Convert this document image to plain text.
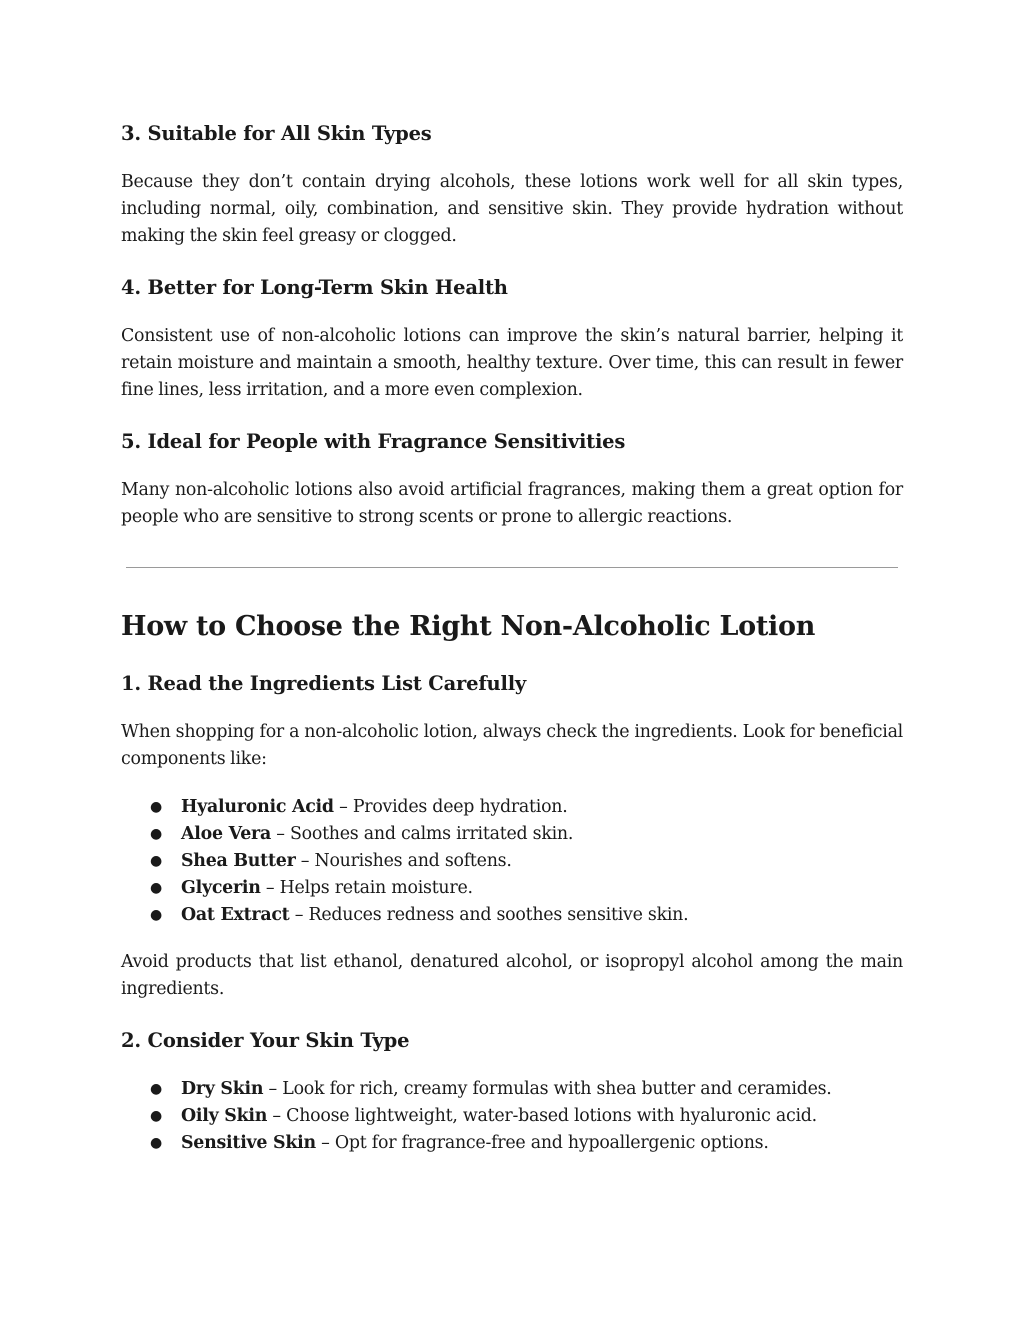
3. Suitable for All Skin Types

Because they don’t contain drying alcohols, these lotions work well for all skin types, including normal, oily, combination, and sensitive skin. They provide hydration without making the skin feel greasy or clogged.

4. Better for Long-Term Skin Health

Consistent use of non-alcoholic lotions can improve the skin’s natural barrier, helping it retain moisture and maintain a smooth, healthy texture. Over time, this can result in fewer fine lines, less irritation, and a more even complexion.

5. Ideal for People with Fragrance Sensitivities

Many non-alcoholic lotions also avoid artificial fragrances, making them a great option for people who are sensitive to strong scents or prone to allergic reactions.

How to Choose the Right Non-Alcoholic Lotion
1. Read the Ingredients List Carefully

When shopping for a non-alcoholic lotion, always check the ingredients. Look for beneficial components like:

● Hyaluronic Acid – Provides deep hydration.
● Aloe Vera – Soothes and calms irritated skin.
● Shea Butter – Nourishes and softens.
● Glycerin – Helps retain moisture.
● Oat Extract – Reduces redness and soothes sensitive skin.

Avoid products that list ethanol, denatured alcohol, or isopropyl alcohol among the main ingredients.

2. Consider Your Skin Type
● Dry Skin – Look for rich, creamy formulas with shea butter and ceramides.
● Oily Skin – Choose lightweight, water-based lotions with hyaluronic acid.
● Sensitive Skin – Opt for fragrance-free and hypoallergenic options.
